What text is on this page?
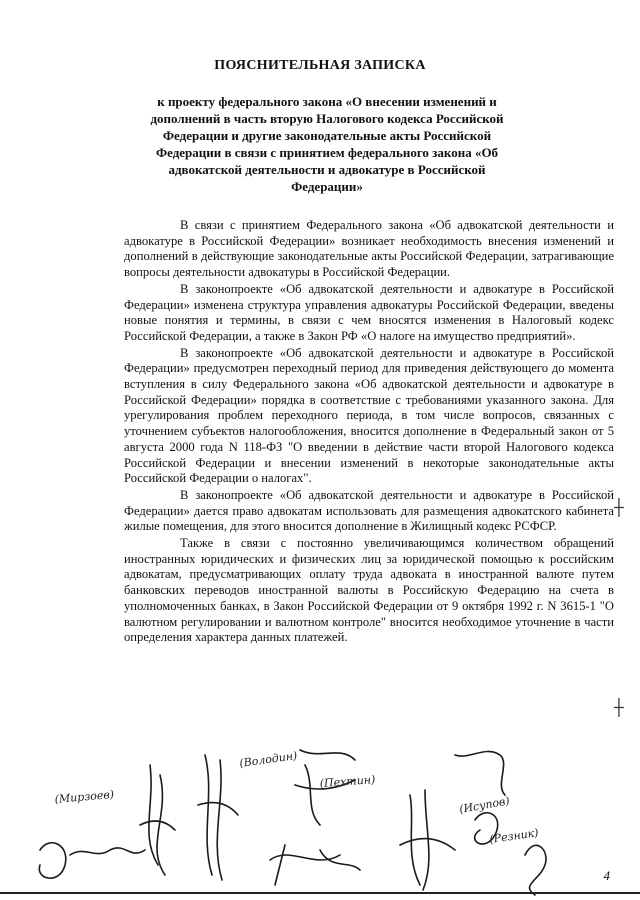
ПОЯСНИТЕЛЬНАЯ ЗАПИСКА
к проекту федерального закона «О внесении изменений и дополнений в часть вторую Налогового кодекса Российской Федерации и другие законодательные акты Российской Федерации в связи с принятием федерального закона «Об адвокатской деятельности и адвокатуре в Российской Федерации»

В связи с принятием Федерального закона «Об адвокатской деятельности и адвокатуре в Российской Федерации» возникает необходимость внесения изменений и дополнений в действующие законодательные акты Российской Федерации, затрагивающие вопросы деятельности адвокатуры в Российской Федерации.

В законопроекте «Об адвокатской деятельности и адвокатуре в Российской Федерации» изменена структура управления адвокатуры Российской Федерации, введены новые понятия и термины, в связи с чем вносятся изменения в Налоговый кодекс Российской Федерации, а также в Закон РФ «О налоге на имущество предприятий».

В законопроекте «Об адвокатской деятельности и адвокатуре в Российской Федерации» предусмотрен переходный период для приведения действующего до момента вступления в силу Федерального закона «Об адвокатской деятельности и адвокатуре в Российской Федерации» порядка в соответствие с требованиями указанного закона. Для урегулирования проблем переходного периода, в том числе вопросов, связанных с уточнением субъектов налогообложения, вносится дополнение в Федеральный закон от 5 августа 2000 года N 118-ФЗ "О введении в действие части второй Налогового кодекса Российской Федерации и внесении изменений в некоторые законодательные акты Российской Федерации о налогах".

В законопроекте «Об адвокатской деятельности и адвокатуре в Российской Федерации» дается право адвокатам использовать для размещения адвокатского кабинета жилые помещения, для этого вносится дополнение в Жилищный кодекс РСФСР.

Также в связи с постоянно увеличивающимся количеством обращений иностранных юридических и физических лиц за юридической помощью к российским адвокатам, предусматривающих оплату труда адвоката в иностранной валюте путем банковских переводов иностранной валюты в Российскую Федерацию на счета в уполномоченных банках, в Закон Российской Федерации от 9 октября 1992 г. N 3615-1 "О валютном регулировании и валютном контроле" вносится необходимое уточнение в части определения характера данных платежей.

┼
┼
(Мирзоев)
(Володин)
(Пехтин)
(Исупов)
(Резник)
4
